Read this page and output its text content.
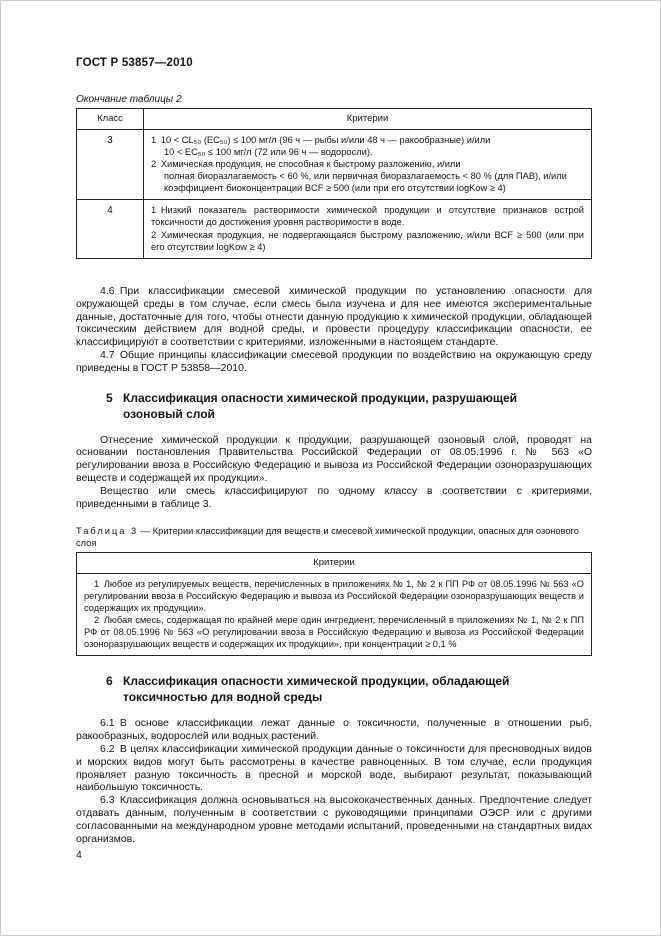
ГОСТ Р 53857—2010
Окончание таблицы 2
Класс	Критерии
3	1 10 < CL₅₀ (EC₅₀) ≤ 100 мг/л (96 ч — рыбы и/или 48 ч — ракообразные) и/или
10 < EC₅₀ ≤ 100 мг/л (72 или 96 ч — водоросли).
2 Химическая продукция, не способная к быстрому разложению, и/или
полная биоразлагаемость < 60 %, или первичная биоразлагаемость < 80 % (для ПАВ), и/или
коэффициент биоконцентрации BCF ≥ 500 (или при его отсутствии logKow ≥ 4)

4	1 Низкий показатель растворимости химической продукции и отсутствие признаков острой токсичности до достижения уровня растворимости в воде.
2 Химическая продукция, не подвергающаяся быстрому разложению, и/или BCF ≥ 500 (или при его отсутствии logKow ≥ 4)

4.6 При классификации смесевой химической продукции по установлению опасности для окружающей среды в том случае, если смесь была изучена и для нее имеются экспериментальные данные, достаточные для того, чтобы отнести данную продукцию к химической продукции, обладающей токсическим действием для водной среды, и провести процедуру классификации опасности, ее классифицируют в соответствии с критериями, изложенными в настоящем стандарте.

4.7 Общие принципы классификации смесевой продукции по воздействию на окружающую среду приведены в ГОСТ Р 53858—2010.

5 Классификация опасности химической продукции, разрушающей озоновый слой

Отнесение химической продукции к продукции, разрушающей озоновый слой, проводят на основании постановления Правительства Российской Федерации от 08.05.1996 г. № 563 «О регулировании ввоза в Российскую Федерацию и вывоза из Российской Федерации озоноразрушающих веществ и содержащей их продукции».

Вещество или смесь классифицируют по одному классу в соответствии с критериями, приведенными в таблице 3.

Таблица 3 — Критерии классификации для веществ и смесевой химической продукции, опасных для озонового слоя
Критерии

1 Любое из регулируемых веществ, перечисленных в приложениях № 1, № 2 к ПП РФ от 08.05.1996 № 563 «О регулировании ввоза в Российскую Федерацию и вывоза из Российской Федерации озоноразрушающих веществ и содержащих их продукции».
2 Любая смесь, содержащая по крайней мере один ингредиент, перечисленный в приложениях № 1, № 2 к ПП РФ от 08.05.1996 № 563 «О регулировании ввоза в Российскую Федерацию и вывоза из Российской Федерации озоноразрушающих веществ и содержащих их продукции», при концентрации ≥ 0,1 %
6 Классификация опасности химической продукции, обладающей токсичностью для водной среды

6.1 В основе классификации лежат данные о токсичности, полученные в отношении рыб, ракообразных, водорослей или водных растений.

6.2 В целях классификации химической продукции данные о токсичности для пресноводных видов и морских видов могут быть рассмотрены в качестве равноценных. В том случае, если продукция проявляет разную токсичность в пресной и морской воде, выбирают результат, показывающий наибольшую токсичность.

6.3 Классификация должна основываться на высококачественных данных. Предпочтение следует отдавать данным, полученным в соответствии с руководящими принципами ОЭСР или с другими согласованными на международном уровне методами испытаний, проведенными на стандартных видах организмов.

4
